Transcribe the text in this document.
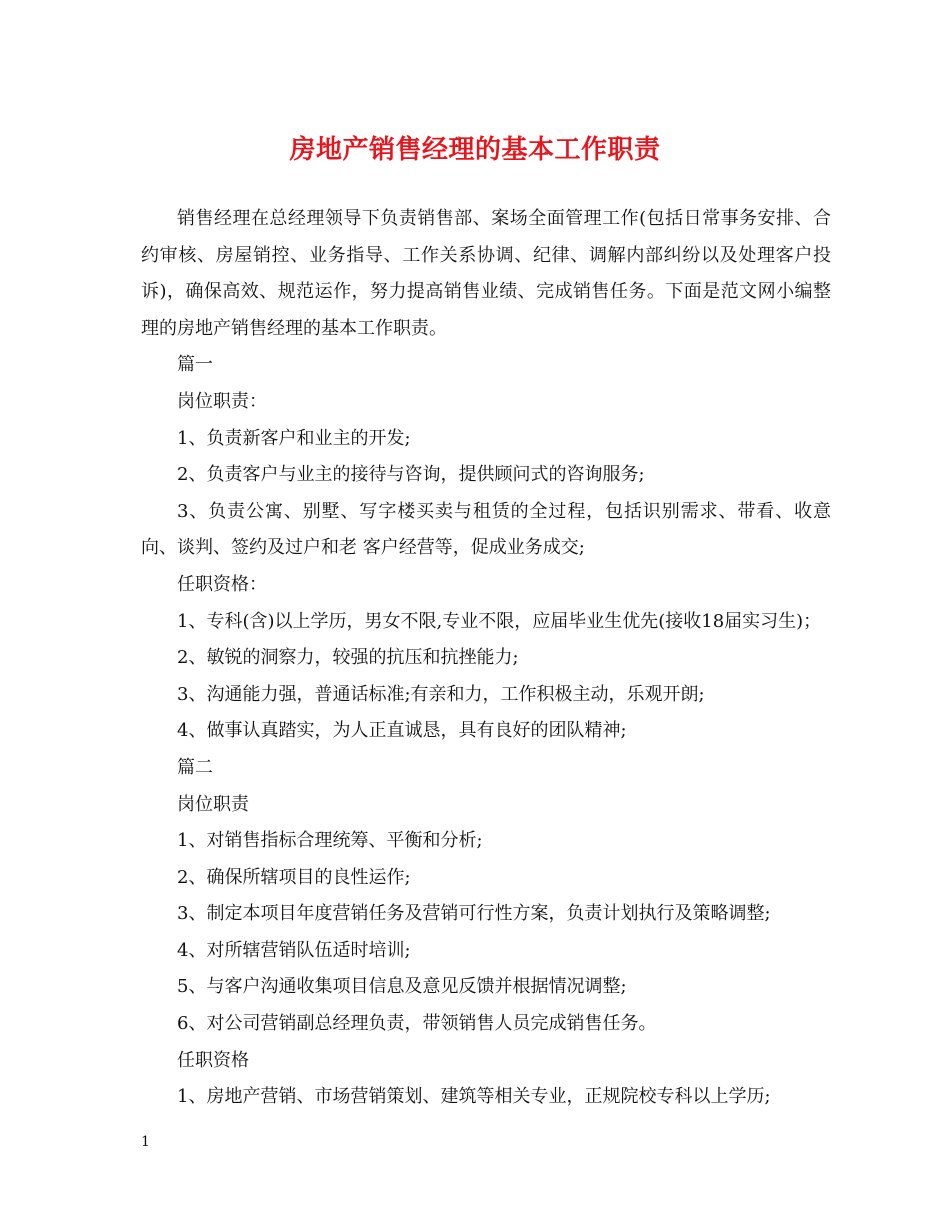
房地产销售经理的基本工作职责

销售经理在总经理领导下负责销售部、案场全面管理工作(包括日常事务安排、合约审核、房屋销控、业务指导、工作关系协调、纪律、调解内部纠纷以及处理客户投诉)，确保高效、规范运作，努力提高销售业绩、完成销售任务。下面是范文网小编整理的房地产销售经理的基本工作职责。

篇一

岗位职责：

1、负责新客户和业主的开发;

2、负责客户与业主的接待与咨询，提供顾问式的咨询服务;

3、负责公寓、别墅、写字楼买卖与租赁的全过程，包括识别需求、带看、收意向、谈判、签约及过户和老 客户经营等，促成业务成交;

任职资格：

1、专科(含)以上学历，男女不限,专业不限，应届毕业生优先(接收18届实习生)；

2、敏锐的洞察力，较强的抗压和抗挫能力;

3、沟通能力强，普通话标准;有亲和力，工作积极主动，乐观开朗;

4、做事认真踏实，为人正直诚恳，具有良好的团队精神;

篇二

岗位职责

1、对销售指标合理统筹、平衡和分析;

2、确保所辖项目的良性运作;

3、制定本项目年度营销任务及营销可行性方案，负责计划执行及策略调整;

4、对所辖营销队伍适时培训;

5、与客户沟通收集项目信息及意见反馈并根据情况调整;

6、对公司营销副总经理负责，带领销售人员完成销售任务。

任职资格

1、房地产营销、市场营销策划、建筑等相关专业，正规院校专科以上学历;

1
